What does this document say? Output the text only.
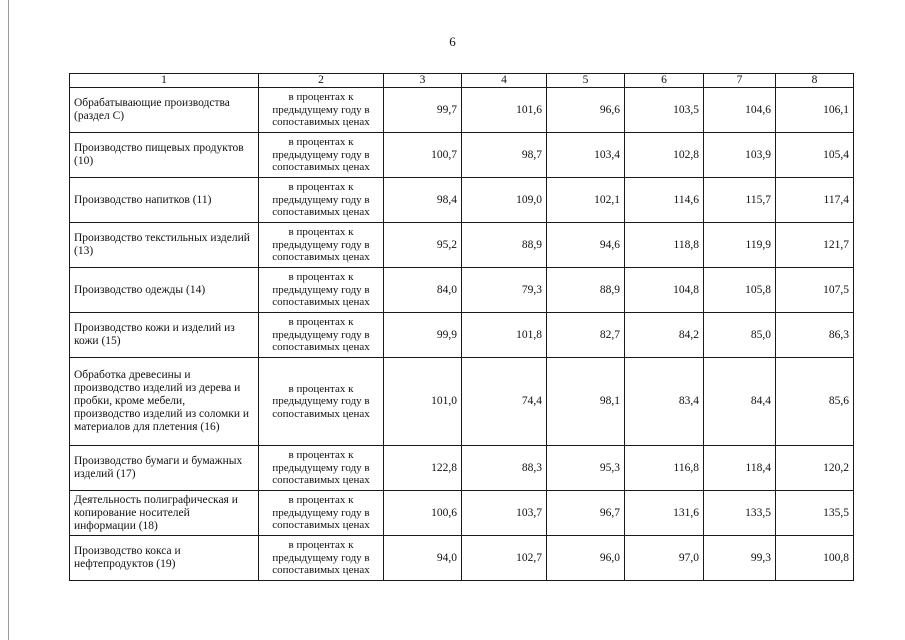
6
1	2	3	4	5	6	7	8
Обрабатывающие производства (раздел С)	в процентах к предыдущему году в сопоставимых ценах	99,7	101,6	96,6	103,5	104,6	106,1
Производство пищевых продуктов (10)	в процентах к предыдущему году в сопоставимых ценах	100,7	98,7	103,4	102,8	103,9	105,4
Производство напитков (11)	в процентах к предыдущему году в сопоставимых ценах	98,4	109,0	102,1	114,6	115,7	117,4
Производство текстильных изделий (13)	в процентах к предыдущему году в сопоставимых ценах	95,2	88,9	94,6	118,8	119,9	121,7
Производство одежды (14)	в процентах к предыдущему году в сопоставимых ценах	84,0	79,3	88,9	104,8	105,8	107,5
Производство кожи и изделий из кожи (15)	в процентах к предыдущему году в сопоставимых ценах	99,9	101,8	82,7	84,2	85,0	86,3
Обработка древесины и производство изделий из дерева и пробки, кроме мебели, производство изделий из соломки и материалов для плетения (16)	в процентах к предыдущему году в сопоставимых ценах	101,0	74,4	98,1	83,4	84,4	85,6
Производство бумаги и бумажных изделий (17)	в процентах к предыдущему году в сопоставимых ценах	122,8	88,3	95,3	116,8	118,4	120,2
Деятельность полиграфическая и копирование носителей информации (18)	в процентах к предыдущему году в сопоставимых ценах	100,6	103,7	96,7	131,6	133,5	135,5
Производство кокса и нефтепродуктов (19)	в процентах к предыдущему году в сопоставимых ценах	94,0	102,7	96,0	97,0	99,3	100,8
